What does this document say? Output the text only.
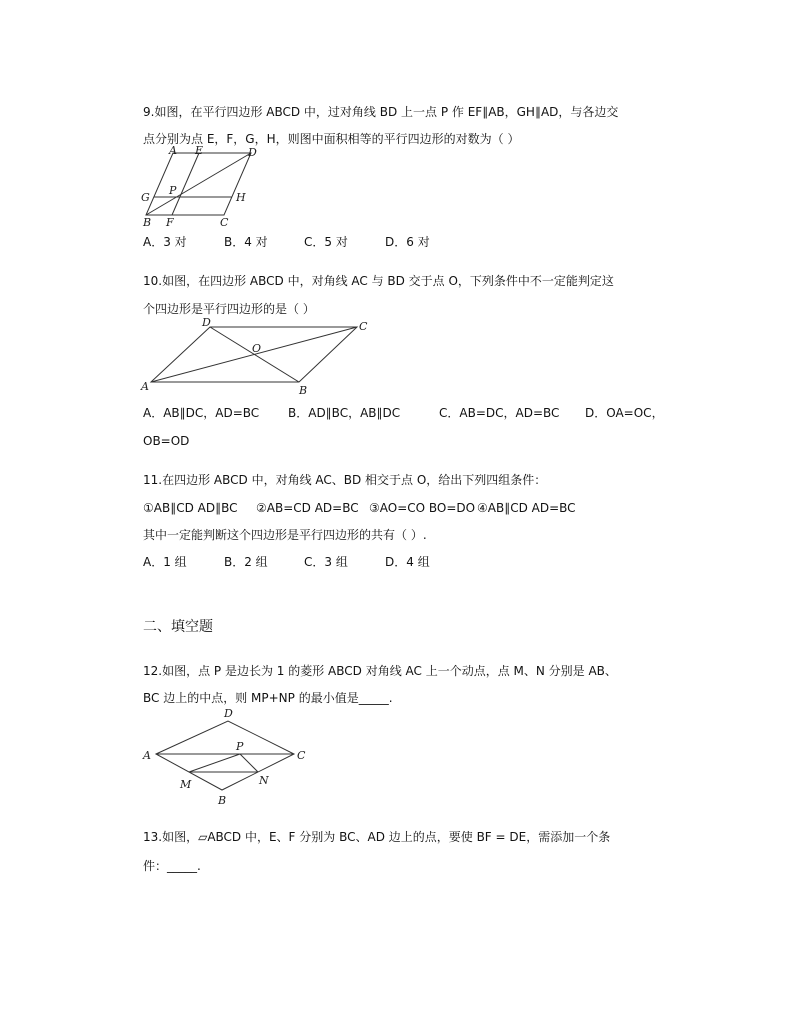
9.如图，在平行四边形 ABCD 中，过对角线 BD 上一点 P 作 EF∥AB，GH∥AD，与各边交
点分别为点 E，F，G，H，则图中面积相等的平行四边形的对数为（ ）
A E	D
G
P
H
B F	C
A．3 对	B．4 对	C．5 对	D．6 对
10.如图，在四边形 ABCD 中，对角线 AC 与 BD 交于点 O，下列条件中不一定能判定这
个四边形是平行四边形的是（ ）
D	C
O
A	B
A．AB∥DC，AD=BC B．AD∥BC，AB∥DC	C．AB=DC，AD=BC D．OA=OC，
OB=OD
11.在四边形 ABCD 中，对角线 AC、BD 相交于点 O，给出下列四组条件：
①AB∥CD AD∥BC ②AB=CD AD=BC ③AO=CO BO=DO ④AB∥CD AD=BC
其中一定能判断这个四边形是平行四边形的共有（ ）.
A．1 组	B．2 组	C．3 组	D．4 组
二、填空题
12.如图，点 P 是边长为 1 的菱形 ABCD 对角线 AC 上一个动点，点 M、N 分别是 AB、
BC 边上的中点，则 MP+NP 的最小值是_____.
D
A
P
C
M	N
B
13.如图，▱ABCD 中，E、F 分别为 BC、AD 边上的点，要使 BF = DE，需添加一个条
件：_____.
